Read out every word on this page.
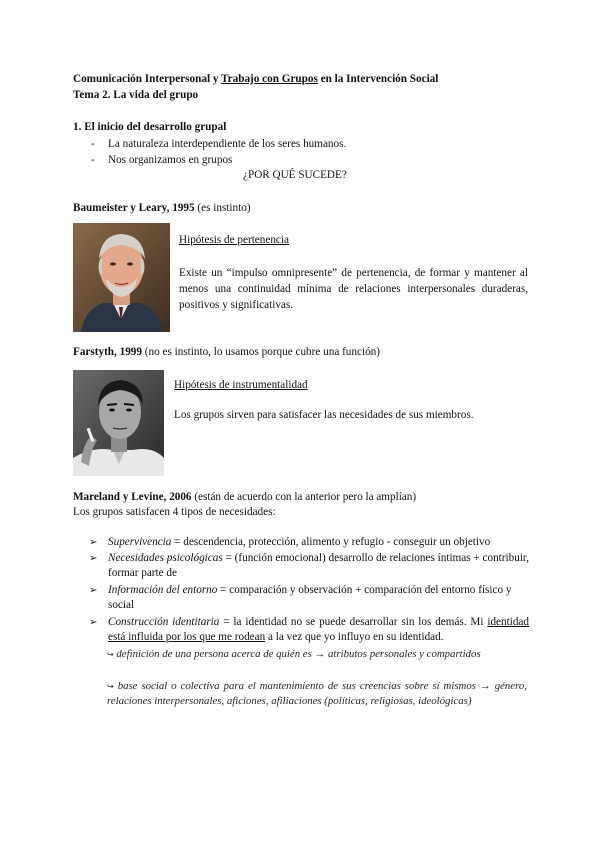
Comunicación Interpersonal y Trabajo con Grupos en la Intervención Social
Tema 2. La vida del grupo
1. El inicio del desarrollo grupal
- La naturaleza interdependiente de los seres humanos.
- Nos organizamos en grupos
¿POR QUÉ SUCEDE?
Baumeister y Leary, 1995 (es instinto)
Hipótesis de pertenencia
Existe un “impulso omnipresente” de pertenencia, de formar y mantener al menos una continuidad mínima de relaciones interpersonales duraderas, positivos y significativas.
Farstyth, 1999 (no es instinto, lo usamos porque cubre una función)
Hipótesis de instrumentalidad
Los grupos sirven para satisfacer las necesidades de sus miembros.
Mareland y Levine, 2006 (están de acuerdo con la anterior pero la amplían)
Los grupos satisfacen 4 tipos de necesidades:
➢ Supervivencia = descendencia, protección, alimento y refugio - conseguir un objetivo
➢ Necesidades psicológicas = (función emocional) desarrollo de relaciones íntimas + contribuir, formar parte de
➢ Información del entorno = comparación y observación + comparación del entorno físico y social
➢ Construcción identitaria = la identidad no se puede desarrollar sin los demás. Mi identidad está influida por los que me rodean a la vez que yo influyo en su identidad.
↪ definición de una persona acerca de quién es → atributos personales y compartidos
↪ base social o colectiva para el mantenimiento de sus creencias sobre sí mismos → género, relaciones interpersonales, aficiones, afiliaciones (políticas, religiosas, ideológicas)
